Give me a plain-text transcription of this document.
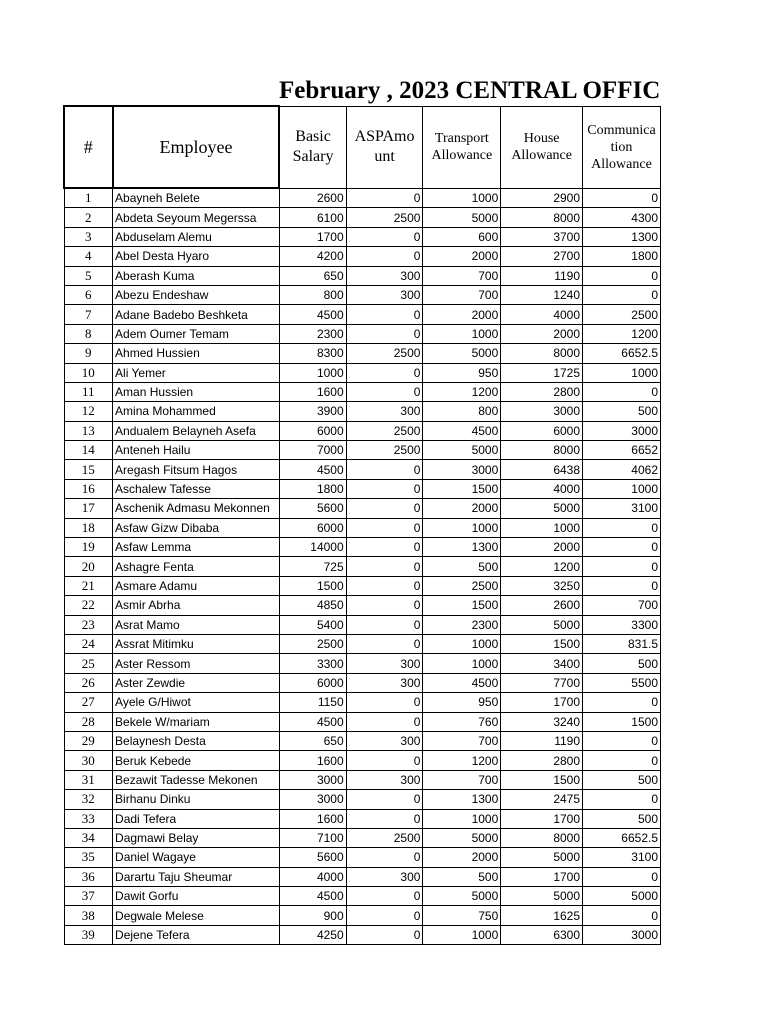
February , 2023 CENTRAL OFFIC
#	Employee	Basic Salary	ASPAmo unt	Transport Allowance	House Allowance	Communica tion Allowance
1	Abayneh Belete	2600	0	1000	2900	0
2	Abdeta Seyoum Megerssa	6100	2500	5000	8000	4300
3	Abduselam Alemu	1700	0	600	3700	1300
4	Abel Desta Hyaro	4200	0	2000	2700	1800
5	Aberash Kuma	650	300	700	1190	0
6	Abezu Endeshaw	800	300	700	1240	0
7	Adane Badebo Beshketa	4500	0	2000	4000	2500
8	Adem Oumer Temam	2300	0	1000	2000	1200
9	Ahmed Hussien	8300	2500	5000	8000	6652.5
10	Ali Yemer	1000	0	950	1725	1000
11	Aman Hussien	1600	0	1200	2800	0
12	Amina Mohammed	3900	300	800	3000	500
13	Andualem Belayneh Asefa	6000	2500	4500	6000	3000
14	Anteneh Hailu	7000	2500	5000	8000	6652
15	Aregash Fitsum Hagos	4500	0	3000	6438	4062
16	Aschalew Tafesse	1800	0	1500	4000	1000
17	Aschenik Admasu Mekonnen	5600	0	2000	5000	3100
18	Asfaw Gizw Dibaba	6000	0	1000	1000	0
19	Asfaw Lemma	14000	0	1300	2000	0
20	Ashagre Fenta	725	0	500	1200	0
21	Asmare Adamu	1500	0	2500	3250	0
22	Asmir Abrha	4850	0	1500	2600	700
23	Asrat Mamo	5400	0	2300	5000	3300
24	Assrat Mitimku	2500	0	1000	1500	831.5
25	Aster Ressom	3300	300	1000	3400	500
26	Aster Zewdie	6000	300	4500	7700	5500
27	Ayele G/Hiwot	1150	0	950	1700	0
28	Bekele W/mariam	4500	0	760	3240	1500
29	Belaynesh Desta	650	300	700	1190	0
30	Beruk Kebede	1600	0	1200	2800	0
31	Bezawit Tadesse Mekonen	3000	300	700	1500	500
32	Birhanu Dinku	3000	0	1300	2475	0
33	Dadi Tefera	1600	0	1000	1700	500
34	Dagmawi Belay	7100	2500	5000	8000	6652.5
35	Daniel Wagaye	5600	0	2000	5000	3100
36	Darartu Taju Sheumar	4000	300	500	1700	0
37	Dawit Gorfu	4500	0	5000	5000	5000
38	Degwale Melese	900	0	750	1625	0
39	Dejene Tefera	4250	0	1000	6300	3000
